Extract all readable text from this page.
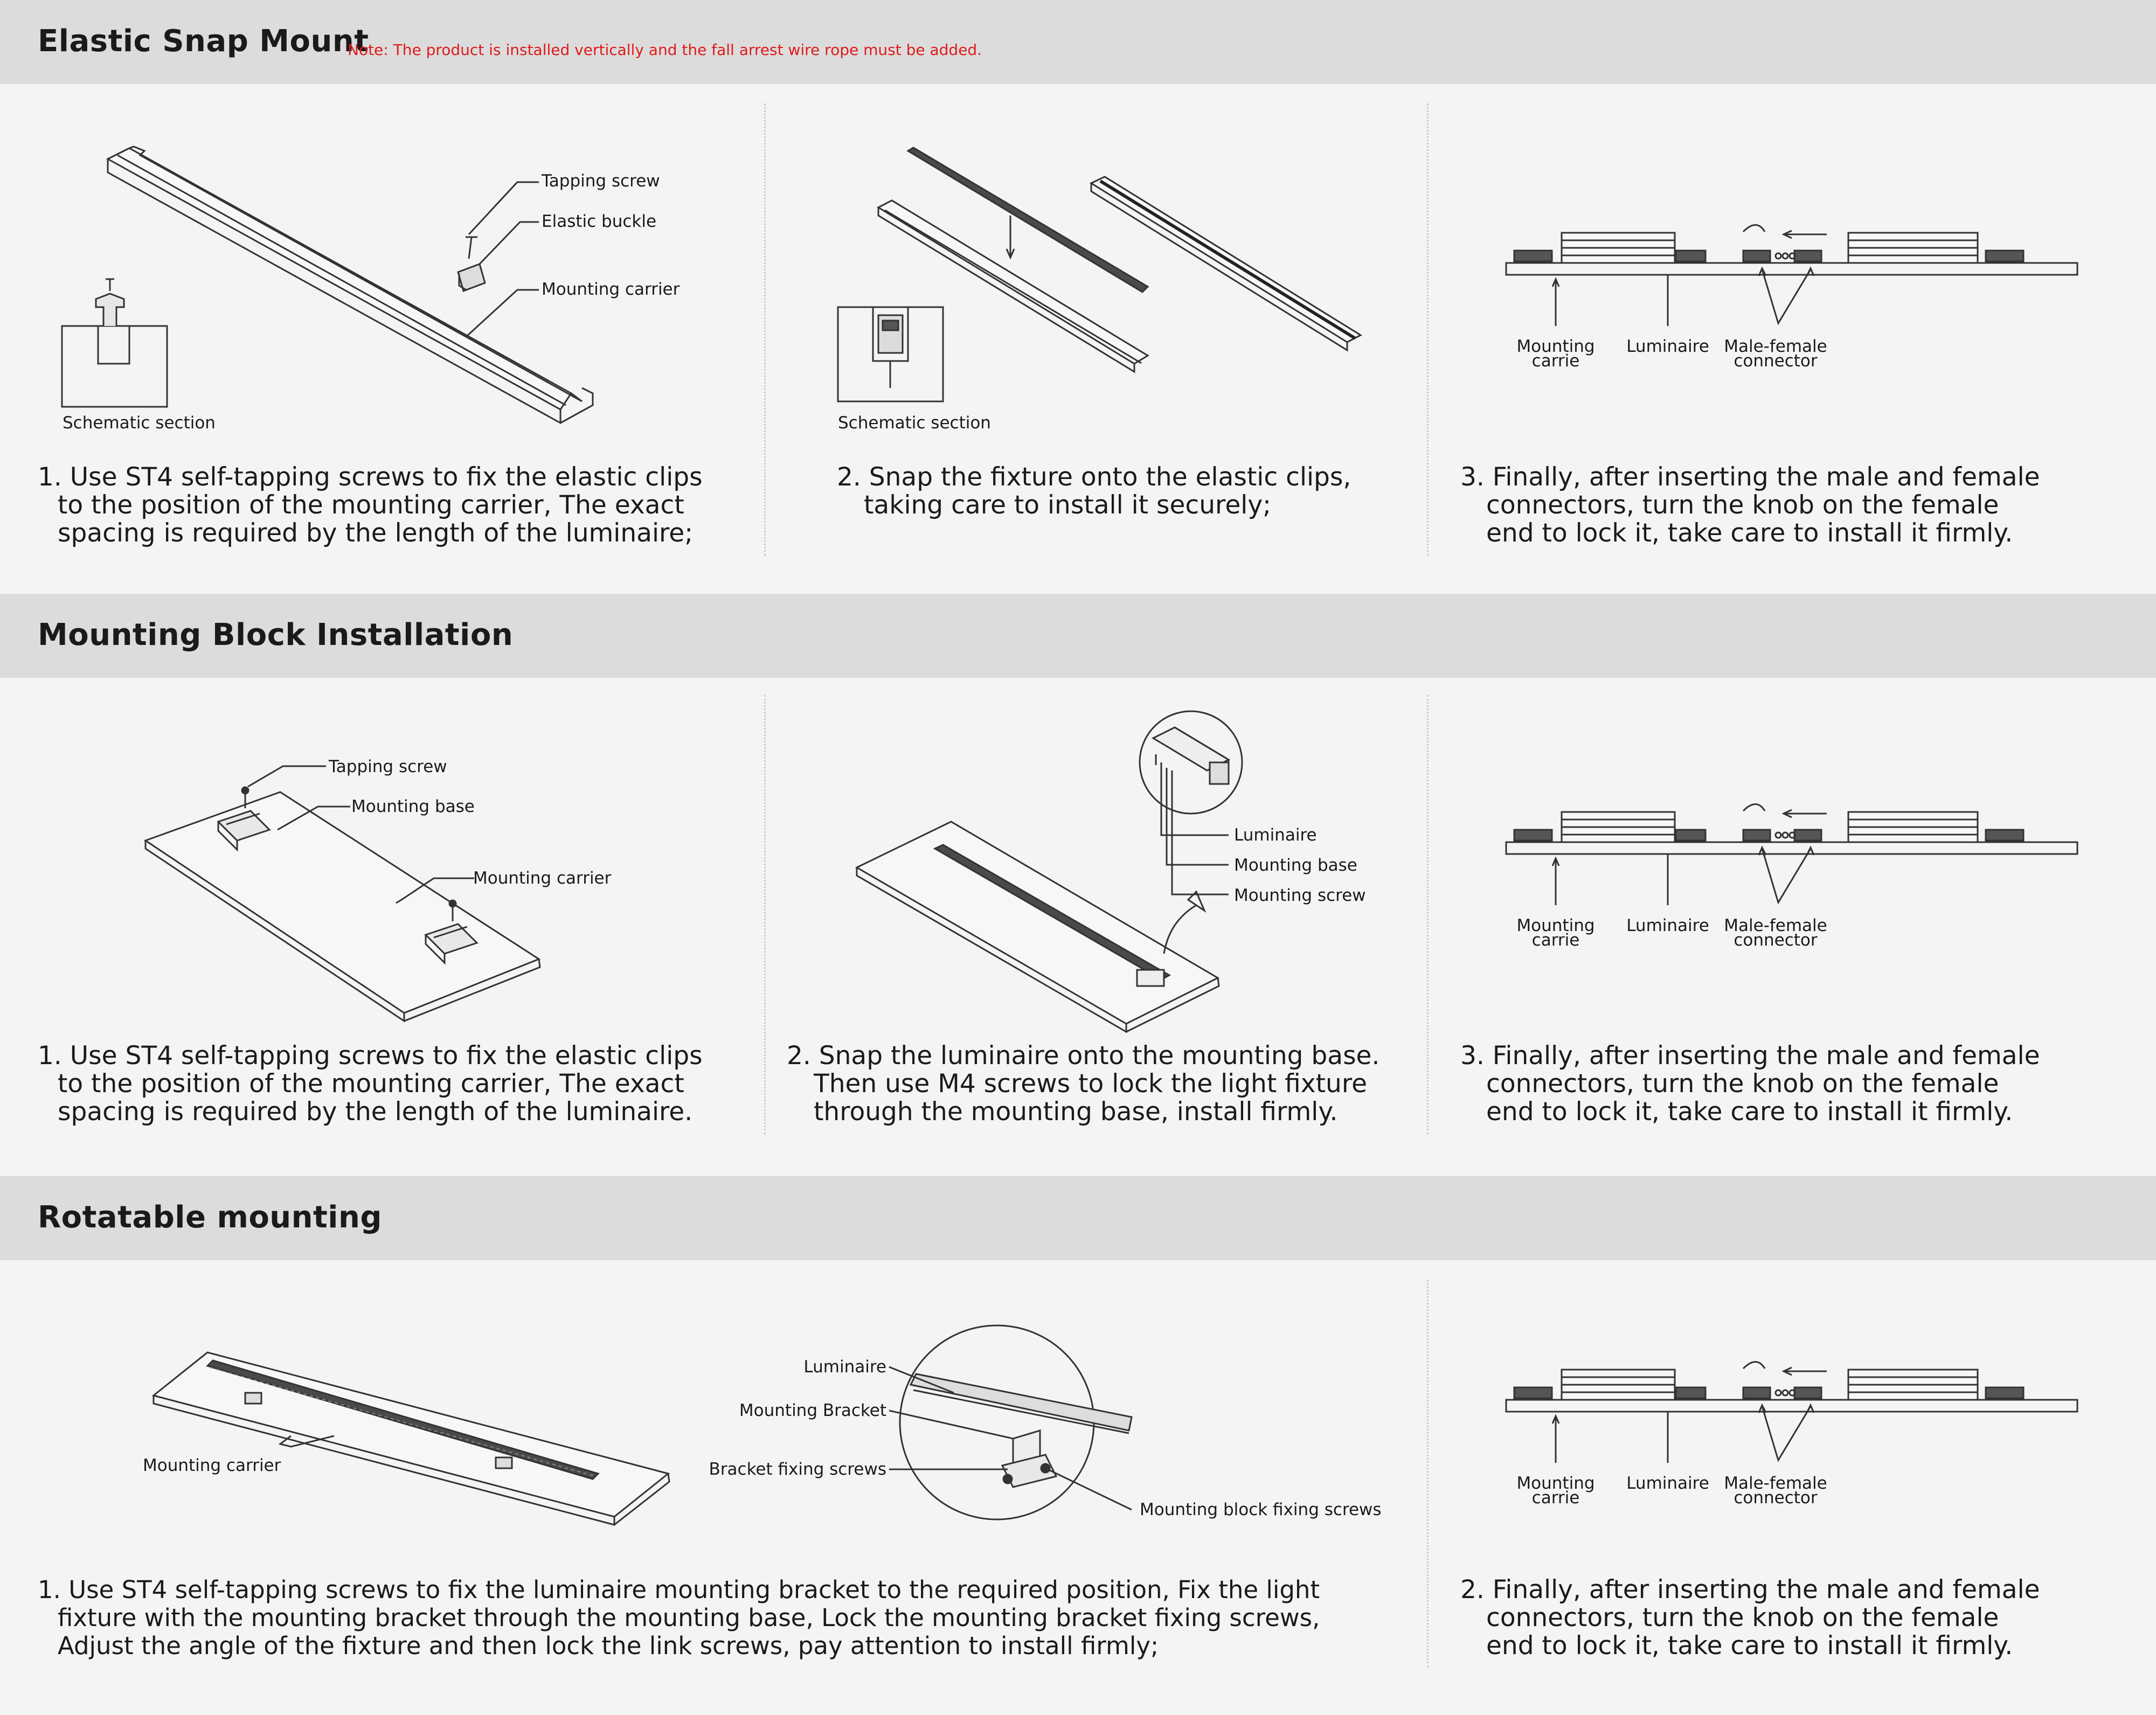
Elastic Snap Mount
Note: The product is installed vertically and the fall arrest wire rope must be added.
Tapping screw
Elastic buckle
Mounting carrier
Schematic section	Schematic section
Mounting
carrie
Luminaire Male-female
connector
1. Use ST4 self-tapping screws to fix the elastic clips
to the position of the mounting carrier, The exact
spacing is required by the length of the luminaire;
2. Snap the fixture onto the elastic clips,
taking care to install it securely;
3. Finally, after inserting the male and female
connectors, turn the knob on the female
end to lock it, take care to install it firmly.
Mounting Block Installation
Tapping screw
Mounting base
Mounting carrier
Luminaire
Mounting base
Mounting screw
Mounting
carrie
Luminaire Male-female
connector
1. Use ST4 self-tapping screws to fix the elastic clips
to the position of the mounting carrier, The exact
spacing is required by the length of the luminaire.
2. Snap the luminaire onto the mounting base.
Then use M4 screws to lock the light fixture
through the mounting base, install firmly.
3. Finally, after inserting the male and female
connectors, turn the knob on the female
end to lock it, take care to install it firmly.
Rotatable mounting
Mounting carrier
Luminaire
Mounting Bracket
Bracket fixing screws
Mounting block fixing screws
Mounting
carrie
Luminaire Male-female
connector
1. Use ST4 self-tapping screws to fix the luminaire mounting bracket to the required position, Fix the light
fixture with the mounting bracket through the mounting base, Lock the mounting bracket fixing screws,
Adjust the angle of the fixture and then lock the link screws, pay attention to install firmly;
2. Finally, after inserting the male and female
connectors, turn the knob on the female
end to lock it, take care to install it firmly.
